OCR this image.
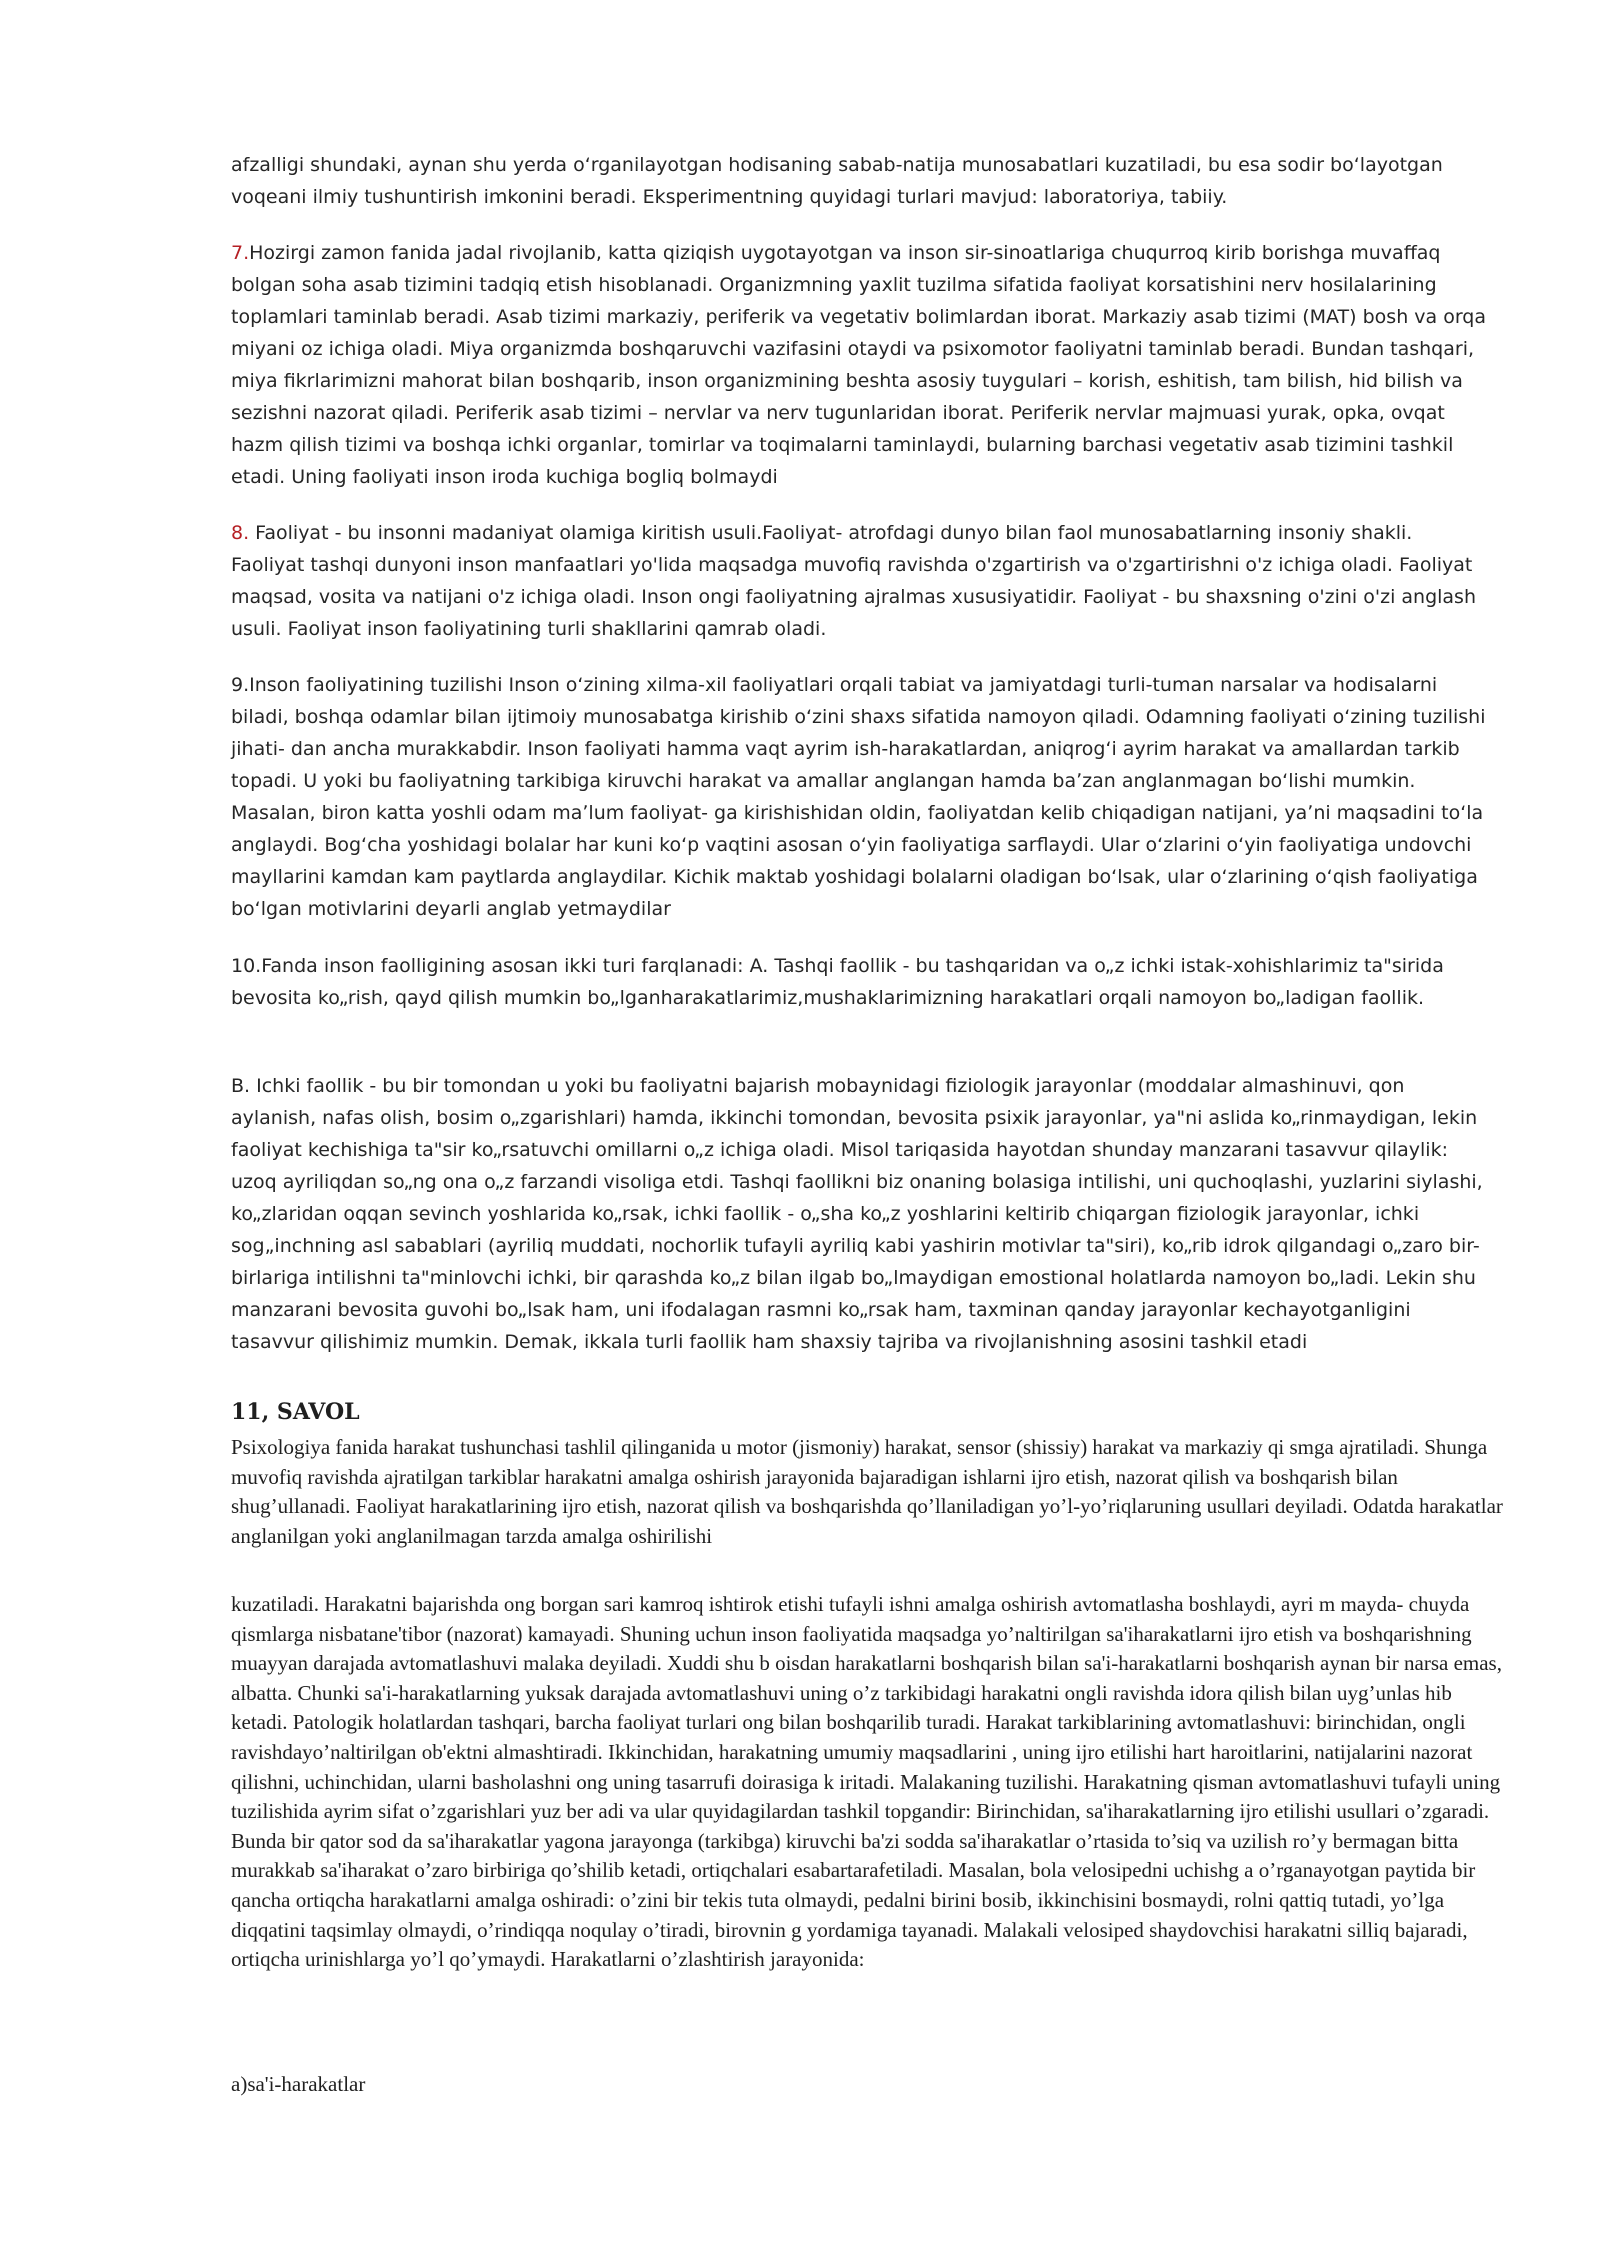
afzalligi shundaki, aynan shu yerda oʻrganilayotgan hodisaning sabab-natija munosabatlari kuzatiladi, bu esa sodir boʻlayotgan voqeani ilmiy tushuntirish imkonini beradi. Eksperimentning quyidagi turlari mavjud: laboratoriya, tabiiy.

7.Hozirgi zamon fanida jadal rivojlanib, katta qiziqish uygotayotgan va inson sir-sinoatlariga chuqurroq kirib borishga muvaffaq bolgan soha asab tizimini tadqiq etish hisoblanadi. Organizmning yaxlit tuzilma sifatida faoliyat korsatishini nerv hosilalarining toplamlari taminlab beradi. Asab tizimi markaziy, periferik va vegetativ bolimlardan iborat. Markaziy asab tizimi (MAT) bosh va orqa miyani oz ichiga oladi. Miya organizmda boshqaruvchi vazifasini otaydi va psixomotor faoliyatni taminlab beradi. Bundan tashqari, miya fikrlarimizni mahorat bilan boshqarib, inson organizmining beshta asosiy tuygulari – korish, eshitish, tam bilish, hid bilish va sezishni nazorat qiladi. Periferik asab tizimi – nervlar va nerv tugunlaridan iborat. Periferik nervlar majmuasi yurak, opka, ovqat hazm qilish tizimi va boshqa ichki organlar, tomirlar va toqimalarni taminlaydi, bularning barchasi vegetativ asab tizimini tashkil etadi. Uning faoliyati inson iroda kuchiga bogliq bolmaydi

8. Faoliyat - bu insonni madaniyat olamiga kiritish usuli.Faoliyat- atrofdagi dunyo bilan faol munosabatlarning insoniy shakli. Faoliyat tashqi dunyoni inson manfaatlari yo'lida maqsadga muvofiq ravishda o'zgartirish va o'zgartirishni o'z ichiga oladi. Faoliyat maqsad, vosita va natijani o'z ichiga oladi. Inson ongi faoliyatning ajralmas xususiyatidir. Faoliyat - bu shaxsning o'zini o'zi anglash usuli. Faoliyat inson faoliyatining turli shakllarini qamrab oladi.

9.Inson faoliyatining tuzilishi Inson oʻzining xilma-xil faoliyatlari orqali tabiat va jamiyatdagi turli-tuman narsalar va hodisalarni biladi, boshqa odamlar bilan ijtimoiy munosabatga kirishib oʻzini shaxs sifatida namoyon qiladi. Odamning faoliyati oʻzining tuzilishi jihati- dan ancha murakkabdir. Inson faoliyati hamma vaqt ayrim ish-harakatlardan, aniqrogʻi ayrim harakat va amallardan tarkib topadi. U yoki bu faoliyatning tarkibiga kiruvchi harakat va amallar anglangan hamda baʼzan anglanmagan boʻlishi mumkin. Masalan, biron katta yoshli odam maʼlum faoliyat- ga kirishishidan oldin, faoliyatdan kelib chiqadigan natijani, yaʼni maqsadini toʻla anglaydi. Bogʻcha yoshidagi bolalar har kuni koʻp vaqtini asosan oʻyin faoliyatiga sarflaydi. Ular oʻzlarini oʻyin faoliyatiga undovchi mayllarini kamdan kam paytlarda anglaydilar. Kichik maktab yoshidagi bolalarni oladigan boʻlsak, ular oʻzlarining oʻqish faoliyatiga boʻlgan motivlarini deyarli anglab yetmaydilar

10.Fanda inson faolligining asosan ikki turi farqlanadi: A. Tashqi faollik - bu tashqaridan va o„z ichki istak-xohishlarimiz ta"sirida bevosita ko„rish, qayd qilish mumkin bo„lganharakatlarimiz,mushaklarimizning harakatlari orqali namoyon bo„ladigan faollik.

B. Ichki faollik - bu bir tomondan u yoki bu faoliyatni bajarish mobaynidagi fiziologik jarayonlar (moddalar almashinuvi, qon aylanish, nafas olish, bosim o„zgarishlari) hamda, ikkinchi tomondan, bevosita psixik jarayonlar, ya"ni aslida ko„rinmaydigan, lekin faoliyat kechishiga ta"sir ko„rsatuvchi omillarni o„z ichiga oladi. Misol tariqasida hayotdan shunday manzarani tasavvur qilaylik: uzoq ayriliqdan so„ng ona o„z farzandi visoliga etdi. Tashqi faollikni biz onaning bolasiga intilishi, uni quchoqlashi, yuzlarini siylashi, ko„zlaridan oqqan sevinch yoshlarida ko„rsak, ichki faollik - o„sha ko„z yoshlarini keltirib chiqargan fiziologik jarayonlar, ichki sog„inchning asl sabablari (ayriliq muddati, nochorlik tufayli ayriliq kabi yashirin motivlar ta"siri), ko„rib idrok qilgandagi o„zaro bir-birlariga intilishni ta"minlovchi ichki, bir qarashda ko„z bilan ilgab bo„lmaydigan emostional holatlarda namoyon bo„ladi. Lekin shu manzarani bevosita guvohi bo„lsak ham, uni ifodalagan rasmni ko„rsak ham, taxminan qanday jarayonlar kechayotganligini tasavvur qilishimiz mumkin. Demak, ikkala turli faollik ham shaxsiy tajriba va rivojlanishning asosini tashkil etadi

11, SAVOL

Psixologiya fanida harakat tushunchasi tashlil qilinganida u motor (jismoniy) harakat, sensor (shissiy) harakat va markaziy qi smga ajratiladi. Shunga muvofiq ravishda ajratilgan tarkiblar harakatni amalga oshirish jarayonida bajaradigan ishlarni ijro etish, nazorat qilish va boshqarish bilan shug’ullanadi. Faoliyat harakatlarining ijro etish, nazorat qilish va boshqarishda qo’llaniladigan yo’l-yo’riqlaruning usullari deyiladi. Odatda harakatlar anglanilgan yoki anglanilmagan tarzda amalga oshirilishi

kuzatiladi. Harakatni bajarishda ong borgan sari kamroq ishtirok etishi tufayli ishni amalga oshirish avtomatlasha boshlaydi, ayri m mayda- chuyda qismlarga nisbatane'tibor (nazorat) kamayadi. Shuning uchun inson faoliyatida maqsadga yo’naltirilgan sa'iharakatlarni ijro etish va boshqarishning muayyan darajada avtomatlashuvi malaka deyiladi. Xuddi shu b oisdan harakatlarni boshqarish bilan sa'i-harakatlarni boshqarish aynan bir narsa emas, albatta. Chunki sa'i-harakatlarning yuksak darajada avtomatlashuvi uning o’z tarkibidagi harakatni ongli ravishda idora qilish bilan uyg’unlas hib ketadi. Patologik holatlardan tashqari, barcha faoliyat turlari ong bilan boshqarilib turadi. Harakat tarkiblarining avtomatlashuvi: birinchidan, ongli ravishdayo’naltirilgan ob'ektni almashtiradi. Ikkinchidan, harakatning umumiy maqsadlarini , uning ijro etilishi hart haroitlarini, natijalarini nazorat qilishni, uchinchidan, ularni basholashni ong uning tasarrufi doirasiga k iritadi. Malakaning tuzilishi. Harakatning qisman avtomatlashuvi tufayli uning tuzilishida ayrim sifat o’zgarishlari yuz ber adi va ular quyidagilardan tashkil topgandir: Birinchidan, sa'iharakatlarning ijro etilishi usullari o’zgaradi. Bunda bir qator sod da sa'iharakatlar yagona jarayonga (tarkibga) kiruvchi ba'zi sodda sa'iharakatlar o’rtasida to’siq va uzilish ro’y bermagan bitta murakkab sa'iharakat o’zaro birbiriga qo’shilib ketadi, ortiqchalari esabartarafetiladi. Masalan, bola velosipedni uchishg a o’rganayotgan paytida bir qancha ortiqcha harakatlarni amalga oshiradi: o’zini bir tekis tuta olmaydi, pedalni birini bosib, ikkinchisini bosmaydi, rolni qattiq tutadi, yo’lga diqqatini taqsimlay olmaydi, o’rindiqqa noqulay o’tiradi, birovnin g yordamiga tayanadi. Malakali velosiped shaydovchisi harakatni silliq bajaradi, ortiqcha urinishlarga yo’l qo’ymaydi. Harakatlarni o’zlashtirish jarayonida:

a)sa'i-harakatlar
